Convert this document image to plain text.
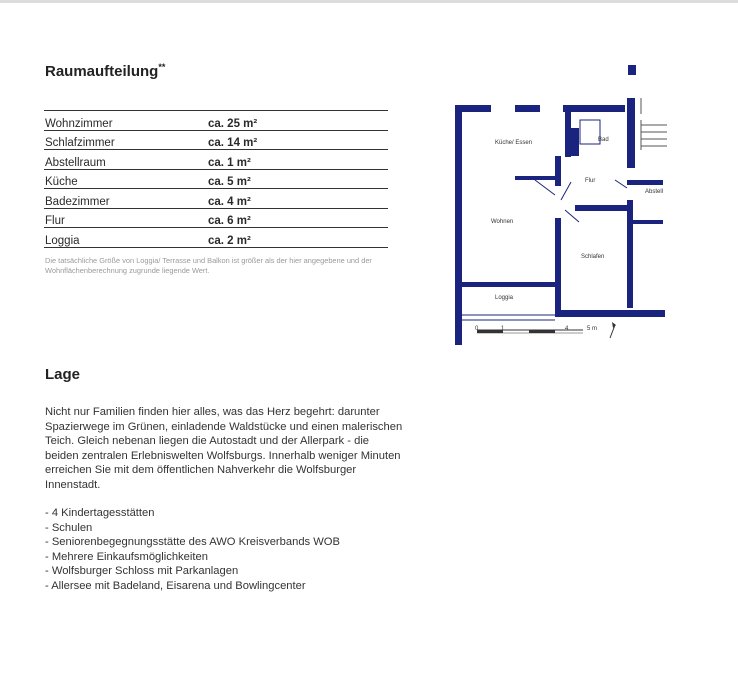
Raumaufteilung**
Wohnzimmer	ca. 25 m²
Schlafzimmer	ca. 14 m²
Abstellraum	ca. 1 m²
Küche	ca. 5 m²
Badezimmer	ca. 4 m²
Flur	ca. 6 m²
Loggia	ca. 2 m²
Die tatsächliche Größe von Loggia/ Terrasse und Balkon ist größer als der hier angegebene und der Wohnflächenberechnung zugrunde liegende Wert.
Küche/ Essen	Bad
Flur
Abstell
Wohnen
Schlafen
Loggia
0	1	4	5 m
Lage
Nicht nur Familien finden hier alles, was das Herz begehrt: darunter Spazierwege im Grünen, einladende Waldstücke und einen malerischen Teich. Gleich nebenan liegen die Autostadt und der Allerpark - die beiden zentralen Erlebniswelten Wolfsburgs. Innerhalb weniger Minuten erreichen Sie mit dem öffentlichen Nahverkehr die Wolfsburger Innenstadt.
- 4 Kindertagesstätten
- Schulen
- Seniorenbegegnungsstätte des AWO Kreisverbands WOB
- Mehrere Einkaufsmöglichkeiten
- Wolfsburger Schloss mit Parkanlagen
- Allersee mit Badeland, Eisarena und Bowlingcenter
